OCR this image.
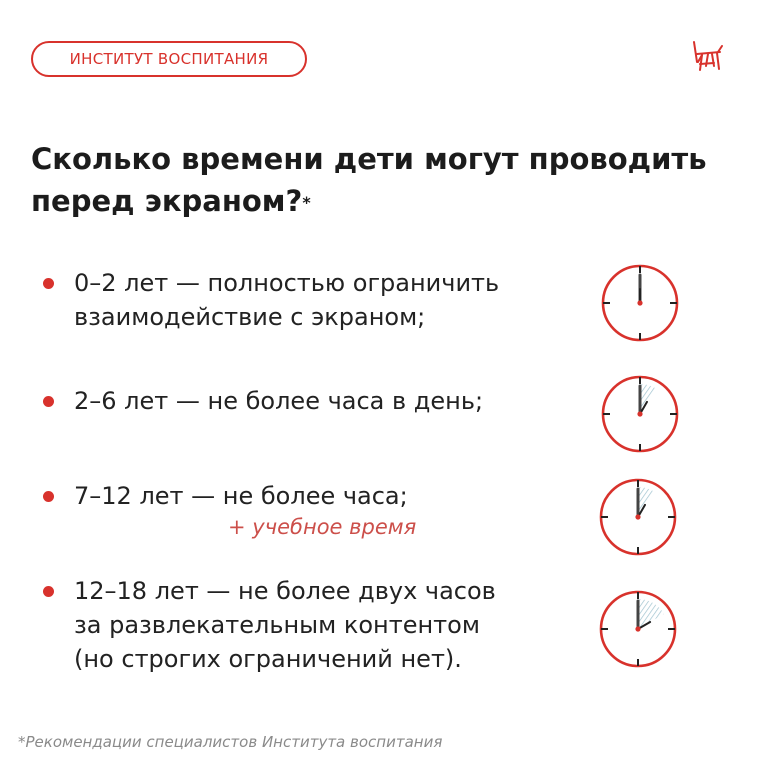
ИНСТИТУТ ВОСПИТАНИЯ
Сколько времени дети могут проводить
перед экраном?*
0–2 лет — полностью ограничить
взаимодействие с экраном;
2–6 лет — не более часа в день;
7–12 лет — не более часа;
+ учебное время
12–18 лет — не более двух часов
за развлекательным контентом
(но строгих ограничений нет).
*Рекомендации специалистов Института воспитания
